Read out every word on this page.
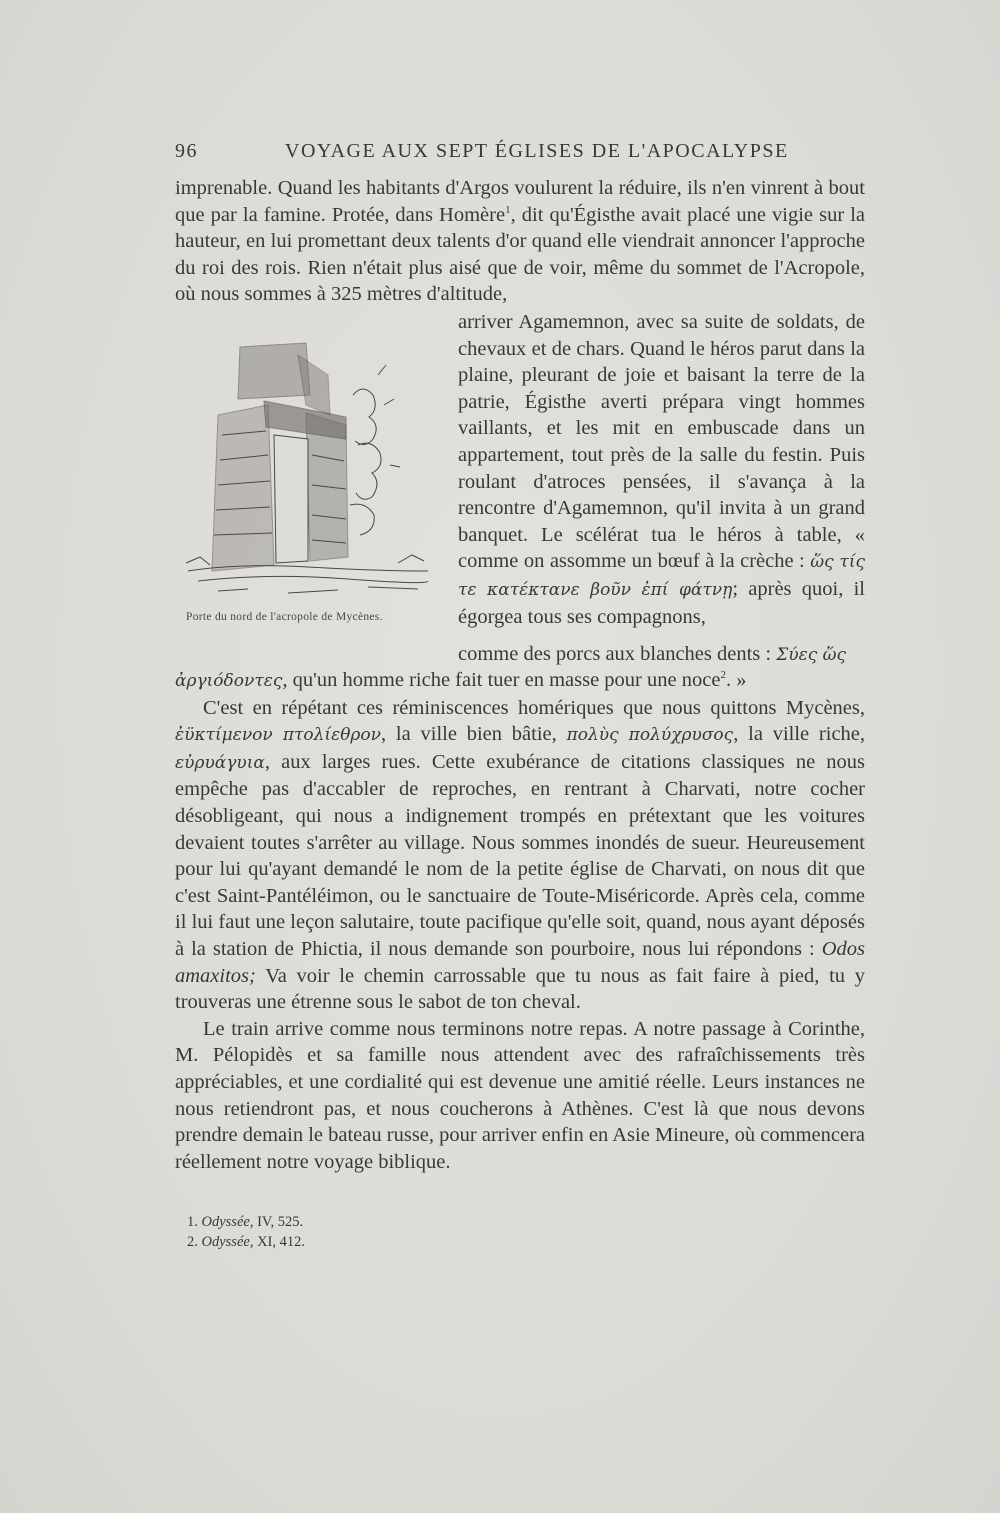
96	VOYAGE AUX SEPT ÉGLISES DE L'APOCALYPSE

imprenable. Quand les habitants d'Argos voulurent la réduire, ils n'en vinrent à bout que par la famine. Protée, dans Homère$^1$, dit qu'Égisthe avait placé une vigie sur la hauteur, en lui promettant deux talents d'or quand elle viendrait annoncer l'approche du roi des rois. Rien n'était plus aisé que de voir, même du sommet de l'Acropole, où nous sommes à 325 mètres d'altitude,

Porte du nord de l'acropole de Mycènes.
arriver Agamemnon, avec sa suite de soldats, de chevaux et de chars. Quand le héros parut dans la plaine, pleurant de joie et baisant la terre de la patrie, Égisthe averti prépara vingt hommes vaillants, et les mit en embuscade dans un appartement, tout près de la salle du festin. Puis roulant d'atroces pensées, il s'avança à la rencontre d'Agamemnon, qu'il invita à un grand banquet. Le scélérat tua le héros à table, « comme on assomme un bœuf à la crèche : ὥς τίς τε κατέκτανε βοῦν ἐπί φάτνῃ; après quoi, il égorgea tous ses compagnons,
comme des porcs aux blanches dents : Σύες ὥς

ἀργιόδοντες, qu'un homme riche fait tuer en masse pour une noce$^2$. »

C'est en répétant ces réminiscences homériques que nous quittons Mycènes, ἐϋκτίμενον πτολίεθρον, la ville bien bâtie, πολὺς πολύχρυσος, la ville riche, εὐρυάγυια, aux larges rues. Cette exubérance de citations classiques ne nous empêche pas d'accabler de reproches, en rentrant à Charvati, notre cocher désobligeant, qui nous a indignement trompés en prétextant que les voitures devaient toutes s'arrêter au village. Nous sommes inondés de sueur. Heureusement pour lui qu'ayant demandé le nom de la petite église de Charvati, on nous dit que c'est Saint-Pantéléimon, ou le sanctuaire de Toute-Miséricorde. Après cela, comme il lui faut une leçon salutaire, toute pacifique qu'elle soit, quand, nous ayant déposés à la station de Phictia, il nous demande son pourboire, nous lui répondons : Odos amaxitos; Va voir le chemin carrossable que tu nous as fait faire à pied, tu y trouveras une étrenne sous le sabot de ton cheval.

Le train arrive comme nous terminons notre repas. A notre passage à Corinthe, M. Pélopidès et sa famille nous attendent avec des rafraîchissements très appréciables, et une cordialité qui est devenue une amitié réelle. Leurs instances ne nous retiendront pas, et nous coucherons à Athènes. C'est là que nous devons prendre demain le bateau russe, pour arriver enfin en Asie Mineure, où commencera réellement notre voyage biblique.

1. Odyssée, IV, 525.
2. Odyssée, XI, 412.
